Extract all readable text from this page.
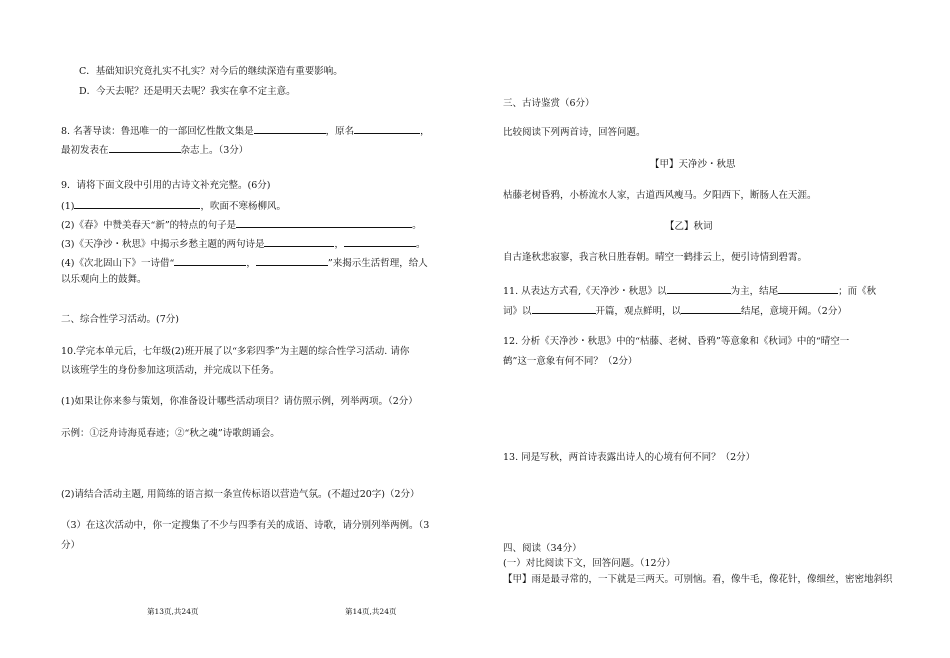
C．基础知识究竟扎实不扎实？对今后的继续深造有重要影响。
D．今天去呢？还是明天去呢？我实在拿不定主意。
8. 名著导读：鲁迅唯一的一部回忆性散文集是	，原名	，
最初发表在	杂志上。（3分）
9．请将下面文段中引用的古诗文补充完整。(6分)
(1)	，吹面不寒杨柳风。
(2)《春》中赞美春天“新”的特点的句子是	。
(3)《天净沙・秋思》中揭示乡愁主题的两句诗是	，	。
(4)《次北固山下》一诗借“	，	”来揭示生活哲理，给人
以乐观向上的鼓舞。
二、综合性学习活动。(7分)
10.学完本单元后，七年级(2)班开展了以“多彩四季”为主题的综合性学习活动. 请你
以该班学生的身份参加这项活动，并完成以下任务。
(1)如果让你来参与策划，你准备设计哪些活动项目？请仿照示例，列举两项。（2分）
示例：①泛舟诗海觅春迹；②“秋之魂”诗歌朗诵会。
(2)请结合活动主题, 用简练的语言拟一条宣传标语以营造气氛。(不超过20字)（2分）
（3）在这次活动中，你一定搜集了不少与四季有关的成语、诗歌，请分别列举两例。（3
分）
三、古诗鉴赏（6分）
比较阅读下列两首诗，回答问题。
【甲】天净沙・秋思
枯藤老树昏鸦，小桥流水人家，古道西风瘦马。夕阳西下，断肠人在天涯。
【乙】秋词
自古逢秋悲寂寥，我言秋日胜春朝。晴空一鹤排云上，便引诗情到碧霄。
11. 从表达方式看,《天净沙・秋思》以	为主，结尾	；而《秋
词》以	开篇，观点鲜明，以	结尾，意境开阔。（2分）
12. 分析《天净沙・秋思》中的“枯藤、老树、昏鸦”等意象和《秋词》中的“晴空一
鹤”这一意象有何不同？（2分）
13. 同是写秋，两首诗表露出诗人的心境有何不同？（2分）
四、阅读（34分）
(一）对比阅读下文，回答问题。（12分）
【甲】雨是最寻常的，一下就是三两天。可别恼。看，像牛毛，像花针，像细丝，密密地斜织
第13页,共24页	第14页,共24页
